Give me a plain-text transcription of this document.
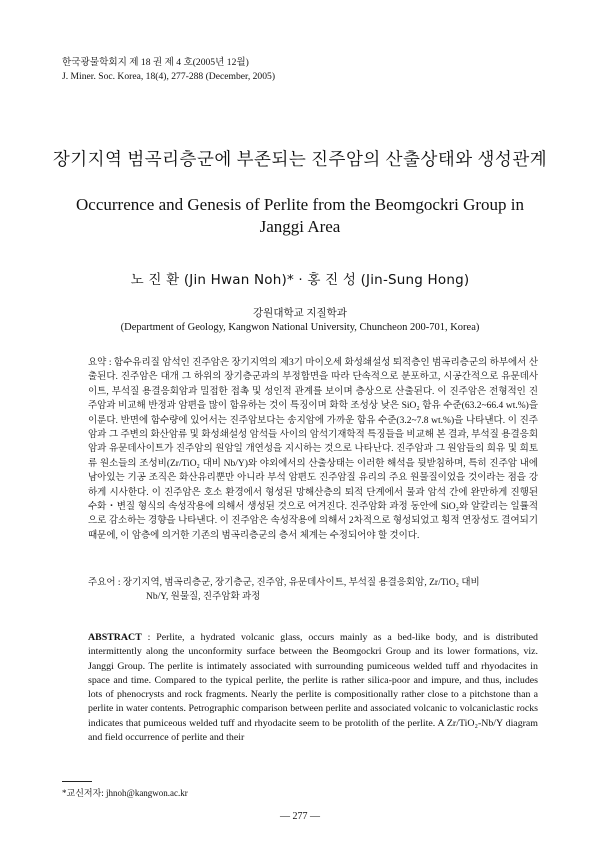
한국광물학회지 제 18 권 제 4 호(2005년 12월)
J. Miner. Soc. Korea, 18(4), 277-288 (December, 2005)
장기지역 범곡리층군에 부존되는 진주암의 산출상태와 생성관계
Occurrence and Genesis of Perlite from the Beomgockri Group in Janggi Area
노 진 환 (Jin Hwan Noh)* · 홍 진 성 (Jin-Sung Hong)
강원대학교 지질학과
(Department of Geology, Kangwon National University, Chuncheon 200-701, Korea)
요약 : 함수유리질 암석인 진주암은 장기지역의 제3기 마이오세 화성쇄설성 퇴적층인 범곡리층군의 하부에서 산출된다. 진주암은 대개 그 하위의 장기층군과의 부정합면을 따라 단속적으로 분포하고, 시공간적으로 유문데사이트, 부석질 용결응회암과 밀접한 접촉 및 성인적 관계를 보이며 층상으로 산출된다. 이 진주암은 전형적인 진주암과 비교해 반정과 암편을 많이 함유하는 것이 특징이며 화학 조성상 낮은 SiO₂ 함유 수준(63.2~66.4 wt.%)을 이룬다. 반면에 함수량에 있어서는 진주암보다는 송지암에 가까운 함유 수준(3.2~7.8 wt.%)을 나타낸다. 이 진주암과 그 주변의 화산암류 및 화성쇄설성 암석들 사이의 암석기재학적 특징들을 비교해 본 결과, 부석질 용결응회암과 유문데사이트가 진주암의 원암일 개연성을 지시하는 것으로 나타난다. 진주암과 그 원암들의 희유 및 희토류 원소들의 조성비(Zr/TiO₂ 대비 Nb/Y)와 야외에서의 산출상태는 이러한 해석을 뒷받침하며, 특히 진주암 내에 남아있는 기공 조직은 화산유리뿐만 아니라 부석 암편도 진주암질 유리의 주요 원물질이었을 것이라는 점을 강하게 시사한다. 이 진주암은 호소 환경에서 형성된 망해산층의 퇴적 단계에서 물과 암석 간에 완만하게 진행된 수화・변질 형식의 속성작용에 의해서 생성된 것으로 여겨진다. 진주암화 과정 동안에 SiO₂와 알칼리는 일률적으로 감소하는 경향을 나타낸다. 이 진주암은 속성작용에 의해서 2차적으로 형성되었고 횡적 연장성도 결여되기 때문에, 이 암층에 의거한 기존의 범곡리층군의 층서 체계는 수정되어야 할 것이다.
주요어 : 장기지역, 범곡리층군, 장기층군, 진주암, 유문데사이트, 부석질 용결응회암, Zr/TiO₂ 대비
Nb/Y, 원물질, 진주암화 과정
ABSTRACT : Perlite, a hydrated volcanic glass, occurs mainly as a bed-like body, and is distributed intermittently along the unconformity surface between the Beomgockri Group and its lower formations, viz. Janggi Group. The perlite is intimately associated with surrounding pumiceous welded tuff and rhyodacites in space and time. Compared to the typical perlite, the perlite is rather silica-poor and impure, and thus, includes lots of phenocrysts and rock fragments. Nearly the perlite is compositionally rather close to a pitchstone than a perlite in water contents. Petrographic comparison between perlite and associated volcanic to volcaniclastic rocks indicates that pumiceous welded tuff and rhyodacite seem to be protolith of the perlite. A Zr/TiO₂-Nb/Y diagram and field occurrence of perlite and their
*교신저자: jhnoh@kangwon.ac.kr
― 277 ―
